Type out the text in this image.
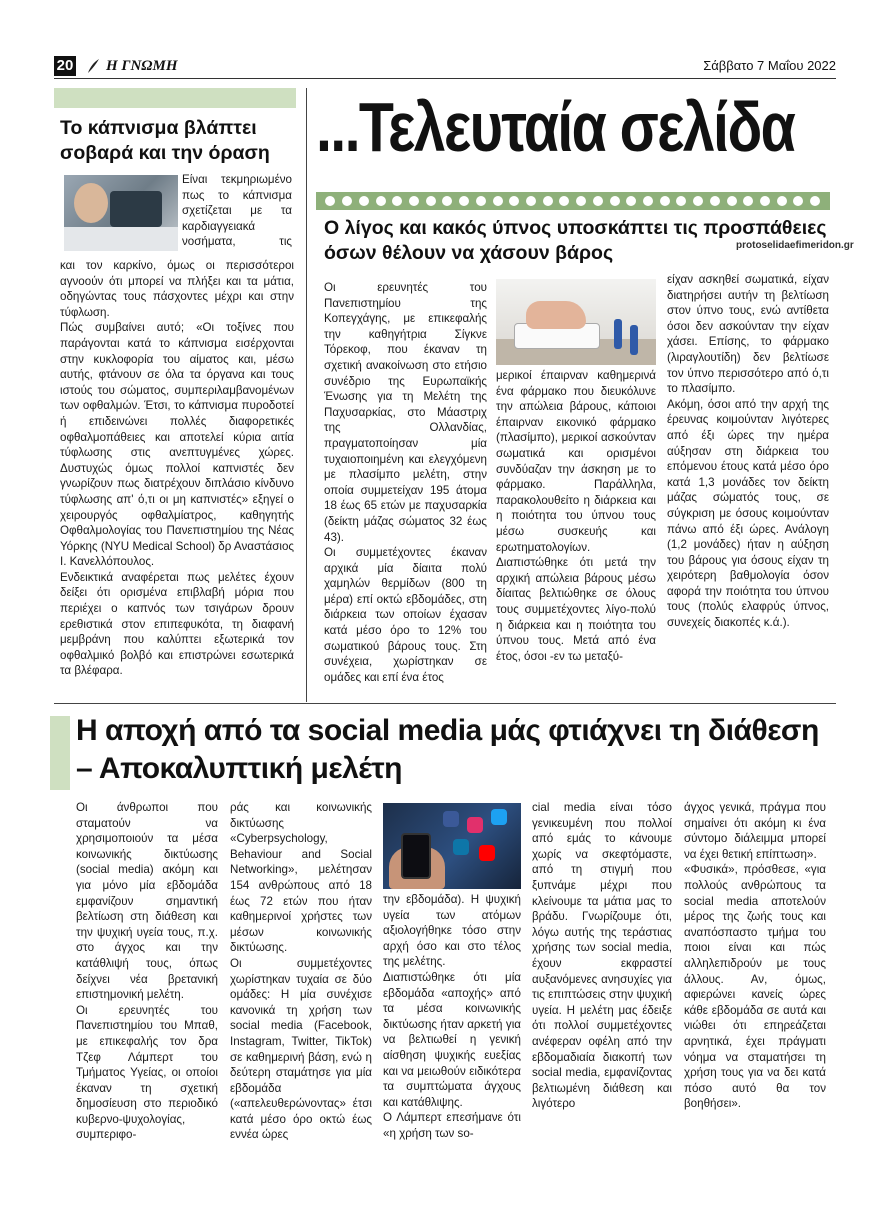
20 Η ΓΝΩΜΗ	Σάββατο 7 Μαΐου 2022
Το κάπνισμα βλάπτει σοβαρά και την όραση

Είναι τεκμηριωμένο πως το κάπνισμα σχετίζεται με τα καρδιαγγειακά νοσήματα, τις

και τον καρκίνο, όμως οι περισσότεροι αγνοούν ότι μπορεί να πλήξει και τα μάτια, οδηγώντας τους πάσχοντες μέχρι και στην τύφλωση.

Πώς συμβαίνει αυτό; «Οι τοξίνες που παράγονται κατά το κάπνισμα εισέρχονται στην κυκλοφορία του αίματος και, μέσω αυτής, φτάνουν σε όλα τα όργανα και τους ιστούς του σώματος, συμπεριλαμβανομένων των οφθαλμών. Έτσι, το κάπνισμα πυροδοτεί ή επιδεινώνει πολλές διαφορετικές οφθαλμοπάθειες και αποτελεί κύρια αιτία τύφλωσης στις ανεπτυγμένες χώρες. Δυστυχώς όμως πολλοί καπνιστές δεν γνωρίζουν πως διατρέχουν διπλάσιο κίνδυνο τύφλωσης απ' ό,τι οι μη καπνιστές» εξηγεί ο χειρουργός οφθαλμίατρος, καθηγητής Οφθαλμολογίας του Πανεπιστημίου της Νέας Υόρκης (NYU Medical School) δρ Αναστάσιος Ι. Κανελλόπουλος.

Ενδεικτικά αναφέρεται πως μελέτες έχουν δείξει ότι ορισμένα επιβλαβή μόρια που περιέχει ο καπνός των τσιγάρων δρουν ερεθιστικά στον επιπεφυκότα, τη διαφανή μεμβράνη που καλύπτει εξωτερικά τον οφθαλμικό βολβό και επιστρώνει εσωτερικά τα βλέφαρα.

...Τελευταία σελίδα
Ο λίγος και κακός ύπνος υποσκάπτει τις προσπάθειες όσων θέλουν να χάσουν βάρος	protoselidaefimeridon.gr

Οι ερευνητές του Πανεπιστημίου της Κοπεγχάγης, με επικεφαλής την καθηγήτρια Σίγκνε Τόρεκοφ, που έκαναν τη σχετική ανακοίνωση στο ετήσιο συνέδριο της Ευρωπαϊκής Ένωσης για τη Μελέτη της Παχυσαρκίας, στο Μάαστριχ της Ολλανδίας, πραγματοποίησαν μία τυχαιοποιημένη και ελεγχόμενη με πλασίμπο μελέτη, στην οποία συμμετείχαν 195 άτομα 18 έως 65 ετών με παχυσαρκία (δείκτη μάζας σώματος 32 έως 43).

Οι συμμετέχοντες έκαναν αρχικά μία δίαιτα πολύ χαμηλών θερμίδων (800 τη μέρα) επί οκτώ εβδομάδες, στη διάρκεια των οποίων έχασαν κατά μέσο όρο το 12% του σωματικού βάρους τους. Στη συνέχεια, χωρίστηκαν σε ομάδες και επί ένα έτος

μερικοί έπαιρναν καθημερινά ένα φάρμακο που διευκόλυνε την απώλεια βάρους, κάποιοι έπαιρναν εικονικό φάρμακο (πλασίμπο), μερικοί ασκούνταν σωματικά και ορισμένοι συνδύαζαν την άσκηση με το φάρμακο. Παράλληλα, παρακολουθείτο η διάρκεια και η ποιότητα του ύπνου τους μέσω συσκευής και ερωτηματολογίων.

Διαπιστώθηκε ότι μετά την αρχική απώλεια βάρους μέσω δίαιτας βελτιώθηκε σε όλους τους συμμετέχοντες λίγο-πολύ η διάρκεια και η ποιότητα του ύπνου τους. Μετά από ένα έτος, όσοι -εν τω μεταξύ-

είχαν ασκηθεί σωματικά, είχαν διατηρήσει αυτήν τη βελτίωση στον ύπνο τους, ενώ αντίθετα όσοι δεν ασκούνταν την είχαν χάσει. Επίσης, το φάρμακο (λιραγλουτίδη) δεν βελτίωσε τον ύπνο περισσότερο από ό,τι το πλασίμπο.

Ακόμη, όσοι από την αρχή της έρευνας κοιμούνταν λιγότερες από έξι ώρες την ημέρα αύξησαν στη διάρκεια του επόμενου έτους κατά μέσο όρο κατά 1,3 μονάδες τον δείκτη μάζας σώματός τους, σε σύγκριση με όσους κοιμούνταν πάνω από έξι ώρες. Ανάλογη (1,2 μονάδες) ήταν η αύξηση του βάρους για όσους είχαν τη χειρότερη βαθμολογία όσον αφορά την ποιότητα του ύπνου τους (πολύς ελαφρύς ύπνος, συνεχείς διακοπές κ.ά.).

Η αποχή από τα social media μάς φτιάχνει τη διάθεση – Αποκαλυπτική μελέτη

Οι άνθρωποι που σταματούν να χρησιμοποιούν τα μέσα κοινωνικής δικτύωσης (social media) ακόμη και για μόνο μία εβδομάδα εμφανίζουν σημαντική βελτίωση στη διάθεση και την ψυχική υγεία τους, π.χ. στο άγχος και την κατάθλιψή τους, όπως δείχνει νέα βρετανική επιστημονική μελέτη.

Οι ερευνητές του Πανεπιστημίου του Μπαθ, με επικεφαλής τον δρα Τζεφ Λάμπερτ του Τμήματος Υγείας, οι οποίοι έκαναν τη σχετική δημοσίευση στο περιοδικό κυβερνο-ψυχολογίας, συμπεριφο-

ράς και κοινωνικής δικτύωσης «Cyberpsychology, Behaviour and Social Networking», μελέτησαν 154 ανθρώπους από 18 έως 72 ετών που ήταν καθημερινοί χρήστες των μέσων κοινωνικής δικτύωσης.

Οι συμμετέχοντες χωρίστηκαν τυχαία σε δύο ομάδες: Η μία συνέχισε κανονικά τη χρήση των social media (Facebook, Instagram, Twitter, TikTok) σε καθημερινή βάση, ενώ η δεύτερη σταμάτησε για μία εβδομάδα («απελευθερώνοντας» έτσι κατά μέσο όρο οκτώ έως εννέα ώρες

την εβδομάδα). Η ψυχική υγεία των ατόμων αξιολογήθηκε τόσο στην αρχή όσο και στο τέλος της μελέτης.

Διαπιστώθηκε ότι μία εβδομάδα «αποχής» από τα μέσα κοινωνικής δικτύωσης ήταν αρκετή για να βελτιωθεί η γενική αίσθηση ψυχικής ευεξίας και να μειωθούν ειδικότερα τα συμπτώματα άγχους και κατάθλιψης.

Ο Λάμπερτ επεσήμανε ότι «η χρήση των so-

cial media είναι τόσο γενικευμένη που πολλοί από εμάς το κάνουμε χωρίς να σκεφτόμαστε, από τη στιγμή που ξυπνάμε μέχρι που κλείνουμε τα μάτια μας το βράδυ. Γνωρίζουμε ότι, λόγω αυτής της τεράστιας χρήσης των social media, έχουν εκφραστεί αυξανόμενες ανησυχίες για τις επιπτώσεις στην ψυχική υγεία. Η μελέτη μας έδειξε ότι πολλοί συμμετέχοντες ανέφεραν οφέλη από την εβδομαδιαία διακοπή των social media, εμφανίζοντας βελτιωμένη διάθεση και λιγότερο

άγχος γενικά, πράγμα που σημαίνει ότι ακόμη κι ένα σύντομο διάλειμμα μπορεί να έχει θετική επίπτωση».

«Φυσικά», πρόσθεσε, «για πολλούς ανθρώπους τα social media αποτελούν μέρος της ζωής τους και αναπόσπαστο τμήμα του ποιοι είναι και πώς αλληλεπιδρούν με τους άλλους. Αν, όμως, αφιερώνει κανείς ώρες κάθε εβδομάδα σε αυτά και νιώθει ότι επηρεάζεται αρνητικά, έχει πράγματι νόημα να σταματήσει τη χρήση τους για να δει κατά πόσο αυτό θα τον βοηθήσει».
